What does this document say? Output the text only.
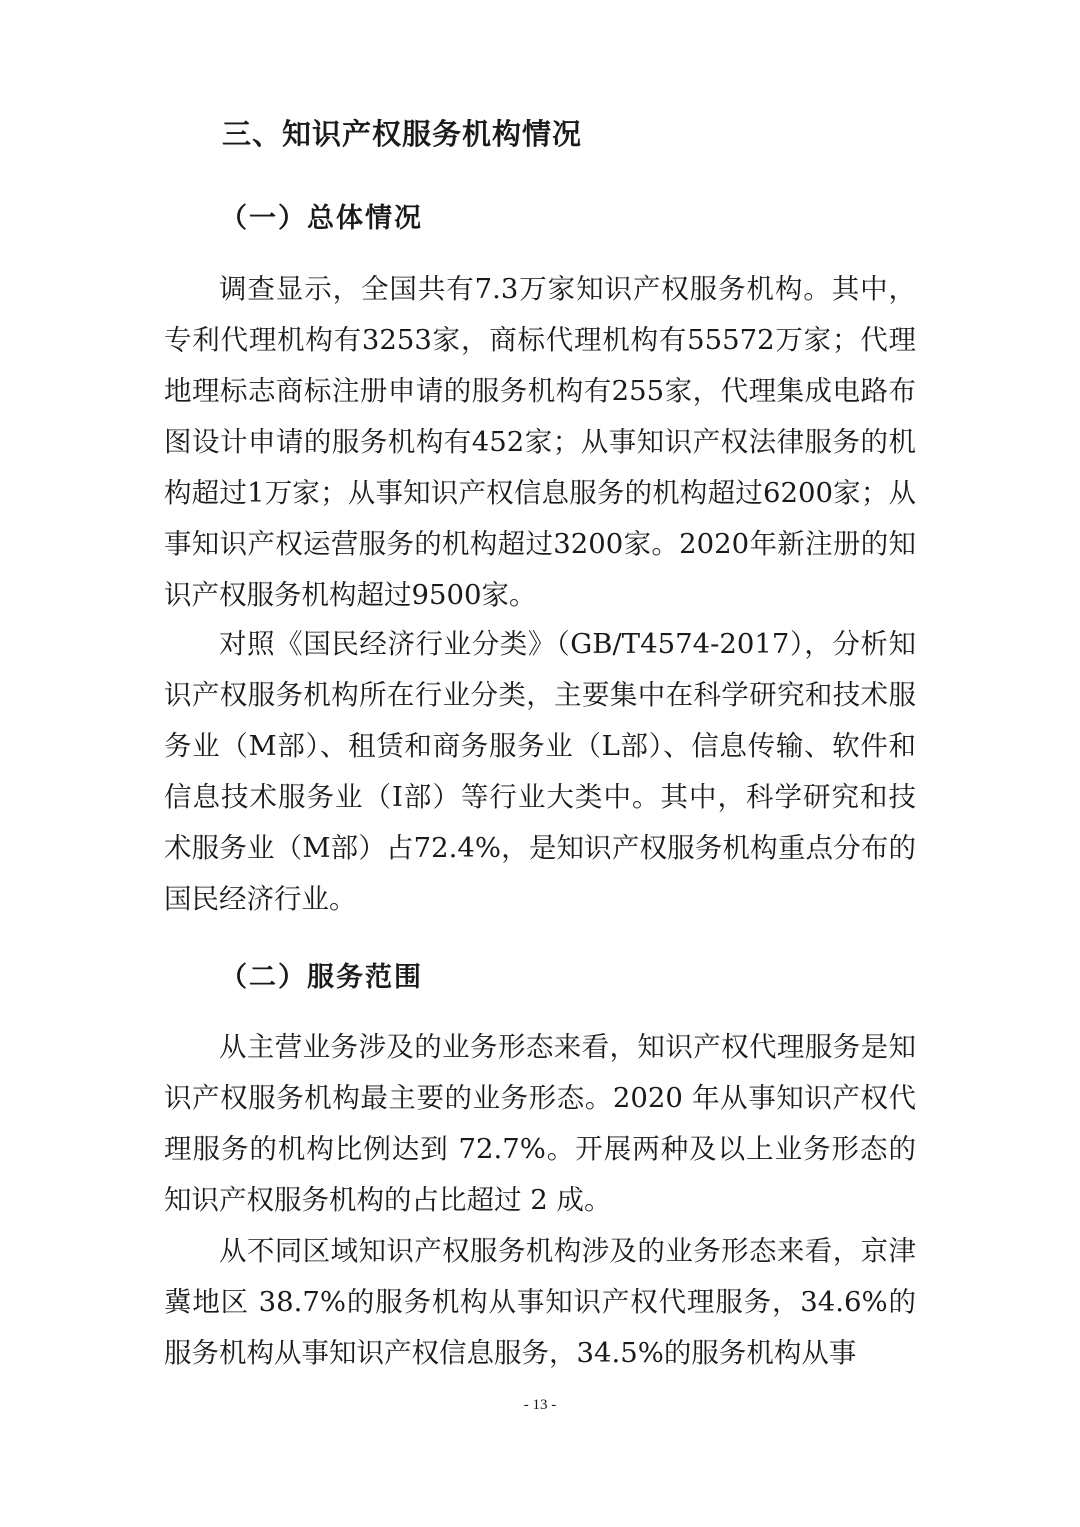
三、知识产权服务机构情况
（一）总体情况

调查显示，全国共有7.3万家知识产权服务机构。其中，专利代理机构有3253家，商标代理机构有55572万家；代理地理标志商标注册申请的服务机构有255家，代理集成电路布图设计申请的服务机构有452家；从事知识产权法律服务的机构超过1万家；从事知识产权信息服务的机构超过6200家；从事知识产权运营服务的机构超过3200家。2020年新注册的知识产权服务机构超过9500家。

对照《国民经济行业分类》（GB/T4574-2017），分析知识产权服务机构所在行业分类，主要集中在科学研究和技术服务业（M部）、租赁和商务服务业（L部）、信息传输、软件和信息技术服务业（I部）等行业大类中。其中，科学研究和技术服务业（M部）占72.4%，是知识产权服务机构重点分布的国民经济行业。

（二）服务范围

从主营业务涉及的业务形态来看，知识产权代理服务是知识产权服务机构最主要的业务形态。2020 年从事知识产权代理服务的机构比例达到 72.7%。开展两种及以上业务形态的知识产权服务机构的占比超过 2 成。

从不同区域知识产权服务机构涉及的业务形态来看，京津冀地区 38.7%的服务机构从事知识产权代理服务，34.6%的服务机构从事知识产权信息服务，34.5%的服务机构从事

- 13 -
